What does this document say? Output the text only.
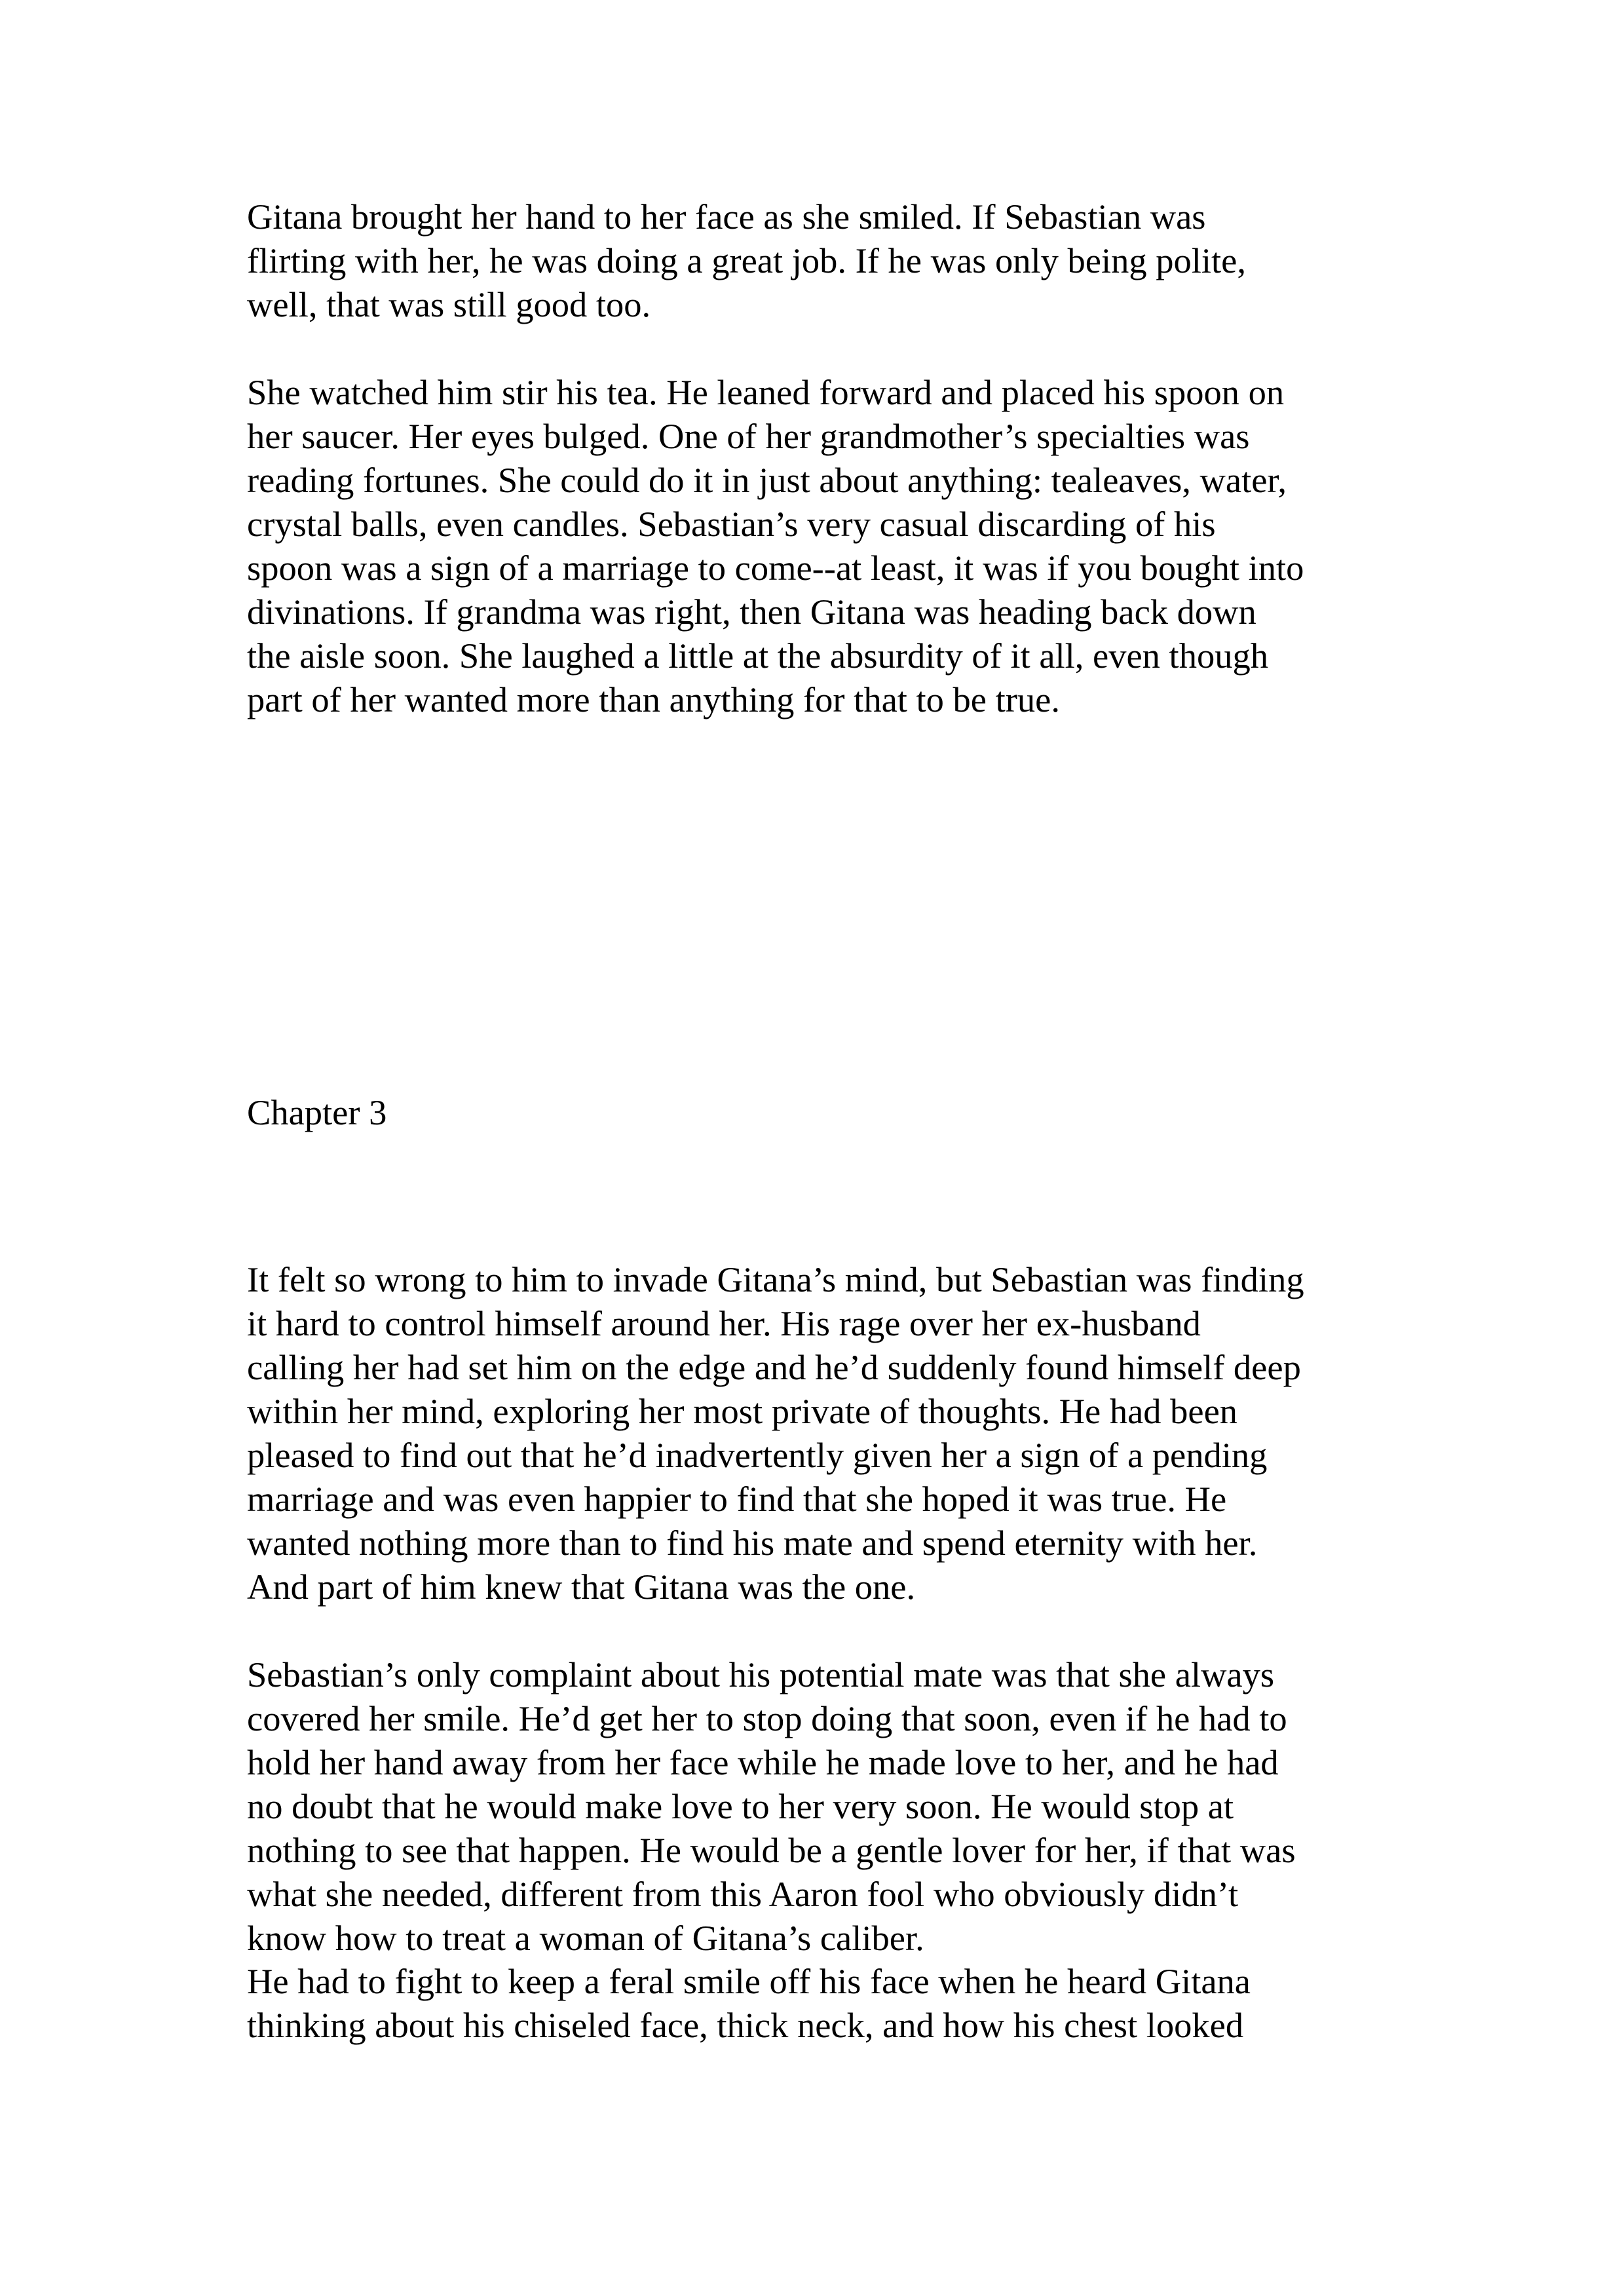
Gitana brought her hand to her face as she smiled. If Sebastian was
flirting with her, he was doing a great job. If he was only being polite,
well, that was still good too.

She watched him stir his tea. He leaned forward and placed his spoon on
her saucer. Her eyes bulged. One of her grandmother’s specialties was
reading fortunes. She could do it in just about anything: tealeaves, water,
crystal balls, even candles. Sebastian’s very casual discarding of his
spoon was a sign of a marriage to come--at least, it was if you bought into
divinations. If grandma was right, then Gitana was heading back down
the aisle soon. She laughed a little at the absurdity of it all, even though
part of her wanted more than anything for that to be true.

Chapter 3

It felt so wrong to him to invade Gitana’s mind, but Sebastian was finding
it hard to control himself around her. His rage over her ex-husband
calling her had set him on the edge and he’d suddenly found himself deep
within her mind, exploring her most private of thoughts. He had been
pleased to find out that he’d inadvertently given her a sign of a pending
marriage and was even happier to find that she hoped it was true. He
wanted nothing more than to find his mate and spend eternity with her.
And part of him knew that Gitana was the one.

Sebastian’s only complaint about his potential mate was that she always
covered her smile. He’d get her to stop doing that soon, even if he had to
hold her hand away from her face while he made love to her, and he had
no doubt that he would make love to her very soon. He would stop at
nothing to see that happen. He would be a gentle lover for her, if that was
what she needed, different from this Aaron fool who obviously didn’t
know how to treat a woman of Gitana’s caliber.

He had to fight to keep a feral smile off his face when he heard Gitana
thinking about his chiseled face, thick neck, and how his chest looked
